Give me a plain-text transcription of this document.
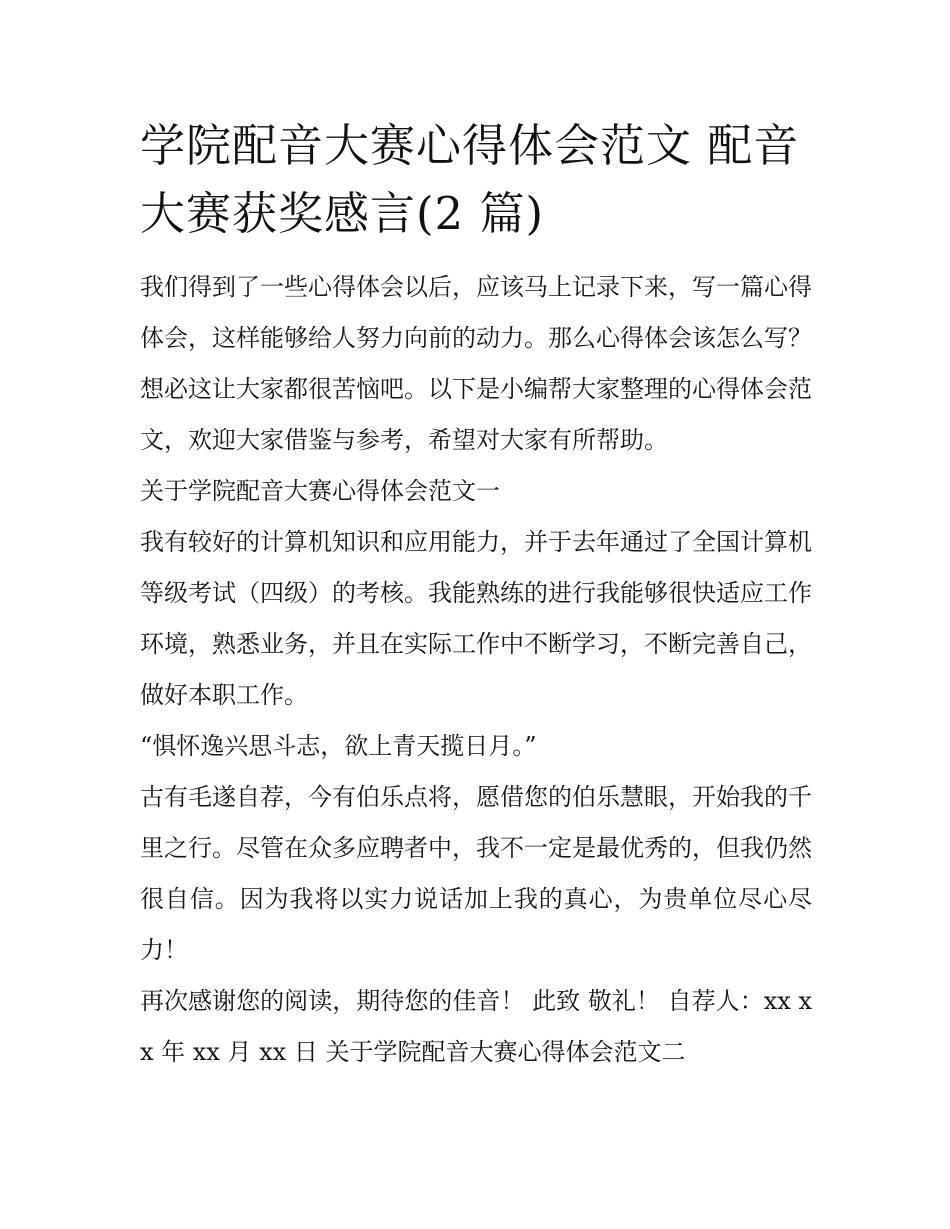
学院配音大赛心得体会范文 配音大赛获奖感言(2 篇)

我们得到了一些心得体会以后，应该马上记录下来，写一篇心得体会，这样能够给人努力向前的动力。那么心得体会该怎么写？想必这让大家都很苦恼吧。以下是小编帮大家整理的心得体会范文，欢迎大家借鉴与参考，希望对大家有所帮助。

关于学院配音大赛心得体会范文一

我有较好的计算机知识和应用能力，并于去年通过了全国计算机等级考试（四级）的考核。我能熟练的进行我能够很快适应工作环境，熟悉业务，并且在实际工作中不断学习，不断完善自己，做好本职工作。

“惧怀逸兴思斗志，欲上青天揽日月。”

古有毛遂自荐，今有伯乐点将，愿借您的伯乐慧眼，开始我的千里之行。尽管在众多应聘者中，我不一定是最优秀的，但我仍然很自信。因为我将以实力说话加上我的真心，为贵单位尽心尽力！

再次感谢您的阅读，期待您的佳音！ 此致 敬礼！ 自荐人：xx xx 年 xx 月 xx 日 关于学院配音大赛心得体会范文二
